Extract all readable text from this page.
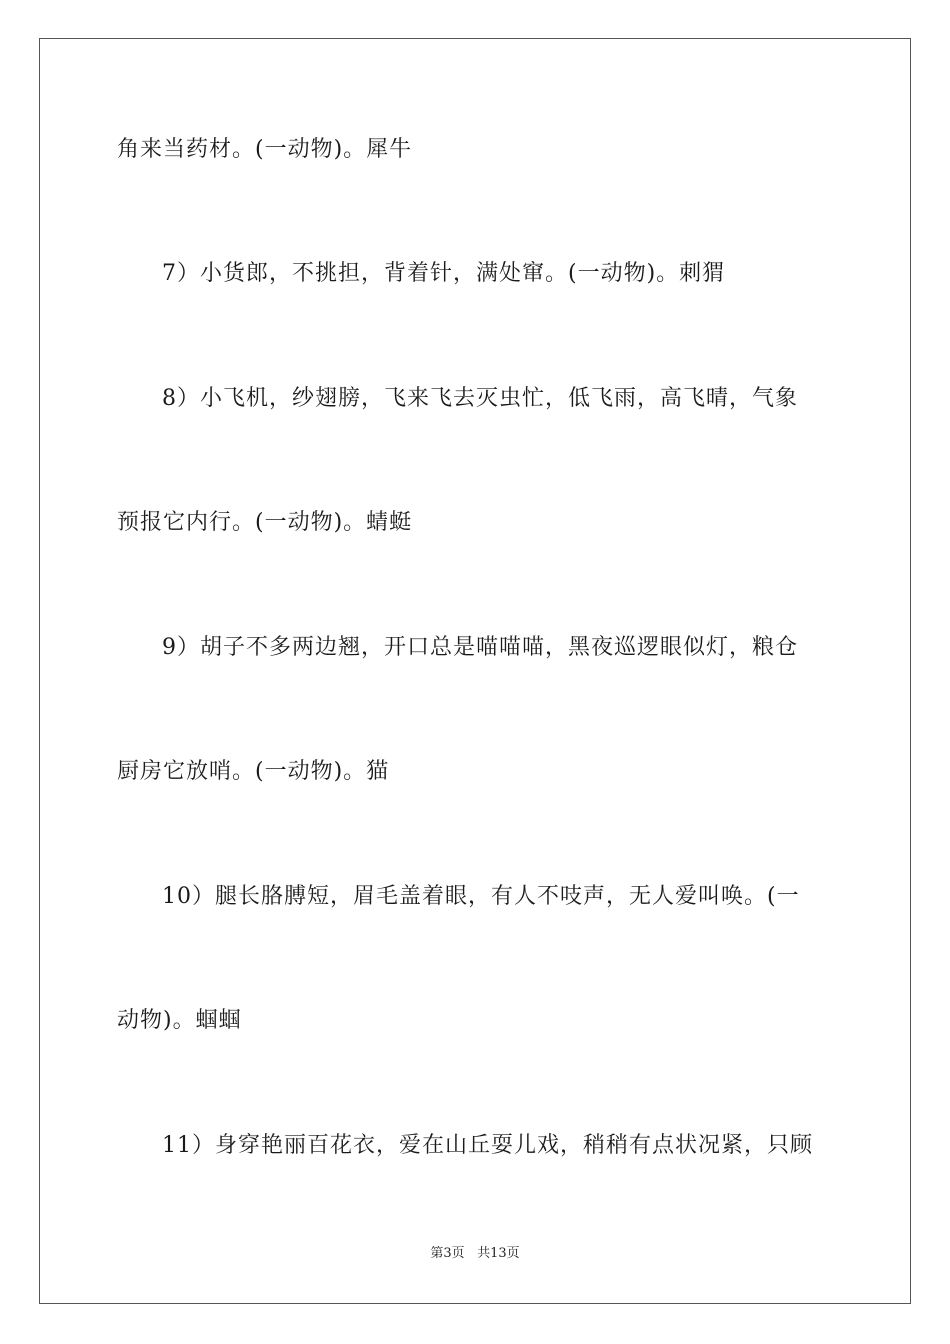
角来当药材。(一动物)。犀牛
7）小货郎，不挑担，背着针，满处窜。(一动物)。刺猬
8）小飞机，纱翅膀，飞来飞去灭虫忙，低飞雨，高飞晴，气象
预报它内行。(一动物)。蜻蜓
9）胡子不多两边翘，开口总是喵喵喵，黑夜巡逻眼似灯，粮仓
厨房它放哨。(一动物)。猫
10）腿长胳膊短，眉毛盖着眼，有人不吱声，无人爱叫唤。(一
动物)。蝈蝈
11）身穿艳丽百花衣，爱在山丘耍儿戏，稍稍有点状况紧，只顾
第3页 共13页
